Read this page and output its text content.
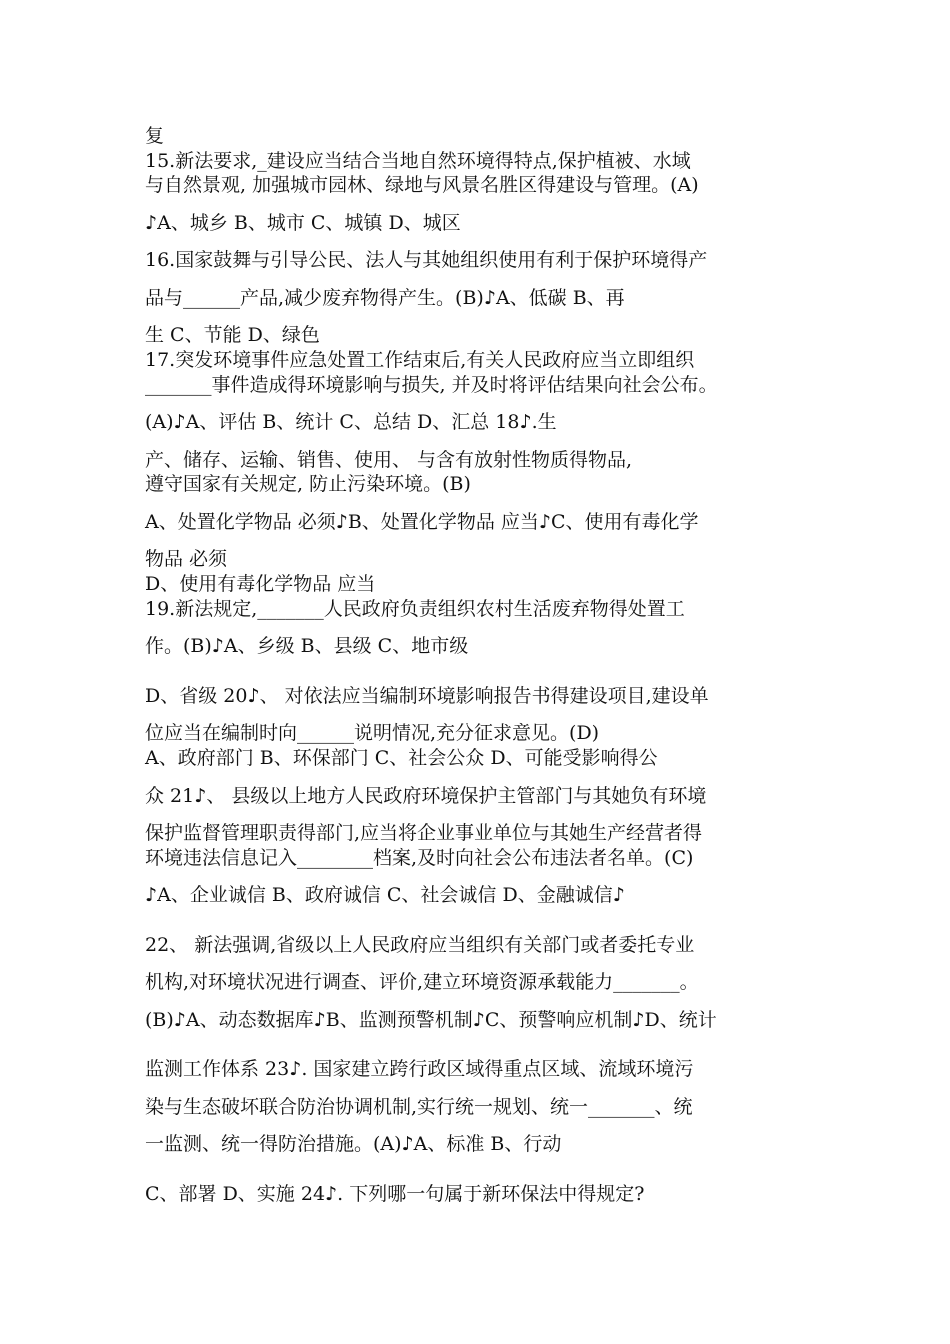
复
15.新法要求,_建设应当结合当地自然环境得特点,保护植被、水域
与自然景观, 加强城市园林、绿地与风景名胜区得建设与管理。(A)
♪A、城乡 B、城市 C、城镇 D、城区
16.国家鼓舞与引导公民、法人与其她组织使用有利于保护环境得产
品与______产品,减少废弃物得产生。(B)♪A、低碳 B、再
生 C、节能 D、绿色
17.突发环境事件应急处置工作结束后,有关人民政府应当立即组织
_______事件造成得环境影响与损失, 并及时将评估结果向社会公布。
(A)♪A、评估 B、统计 C、总结 D、汇总 18♪.生
产、储存、运输、销售、使用、 与含有放射性物质得物品,
遵守国家有关规定, 防止污染环境。(B)
A、处置化学物品 必须♪B、处置化学物品 应当♪C、使用有毒化学
物品 必须
D、使用有毒化学物品 应当
19.新法规定,_______人民政府负责组织农村生活废弃物得处置工
作。(B)♪A、乡级 B、县级 C、地市级
D、省级 20♪、 对依法应当编制环境影响报告书得建设项目,建设单
位应当在编制时向______说明情况,充分征求意见。(D)
A、政府部门 B、环保部门 C、社会公众 D、可能受影响得公
众 21♪、 县级以上地方人民政府环境保护主管部门与其她负有环境
保护监督管理职责得部门,应当将企业事业单位与其她生产经营者得
环境违法信息记入________档案,及时向社会公布违法者名单。(C)
♪A、企业诚信 B、政府诚信 C、社会诚信 D、金融诚信♪
22、 新法强调,省级以上人民政府应当组织有关部门或者委托专业
机构,对环境状况进行调查、评价,建立环境资源承载能力_______。
(B)♪A、动态数据库♪B、监测预警机制♪C、预警响应机制♪D、统计
监测工作体系 23♪. 国家建立跨行政区域得重点区域、流域环境污
染与生态破坏联合防治协调机制,实行统一规划、统一_______、统
一监测、统一得防治措施。(A)♪A、标准 B、行动
C、部署 D、实施 24♪. 下列哪一句属于新环保法中得规定?
